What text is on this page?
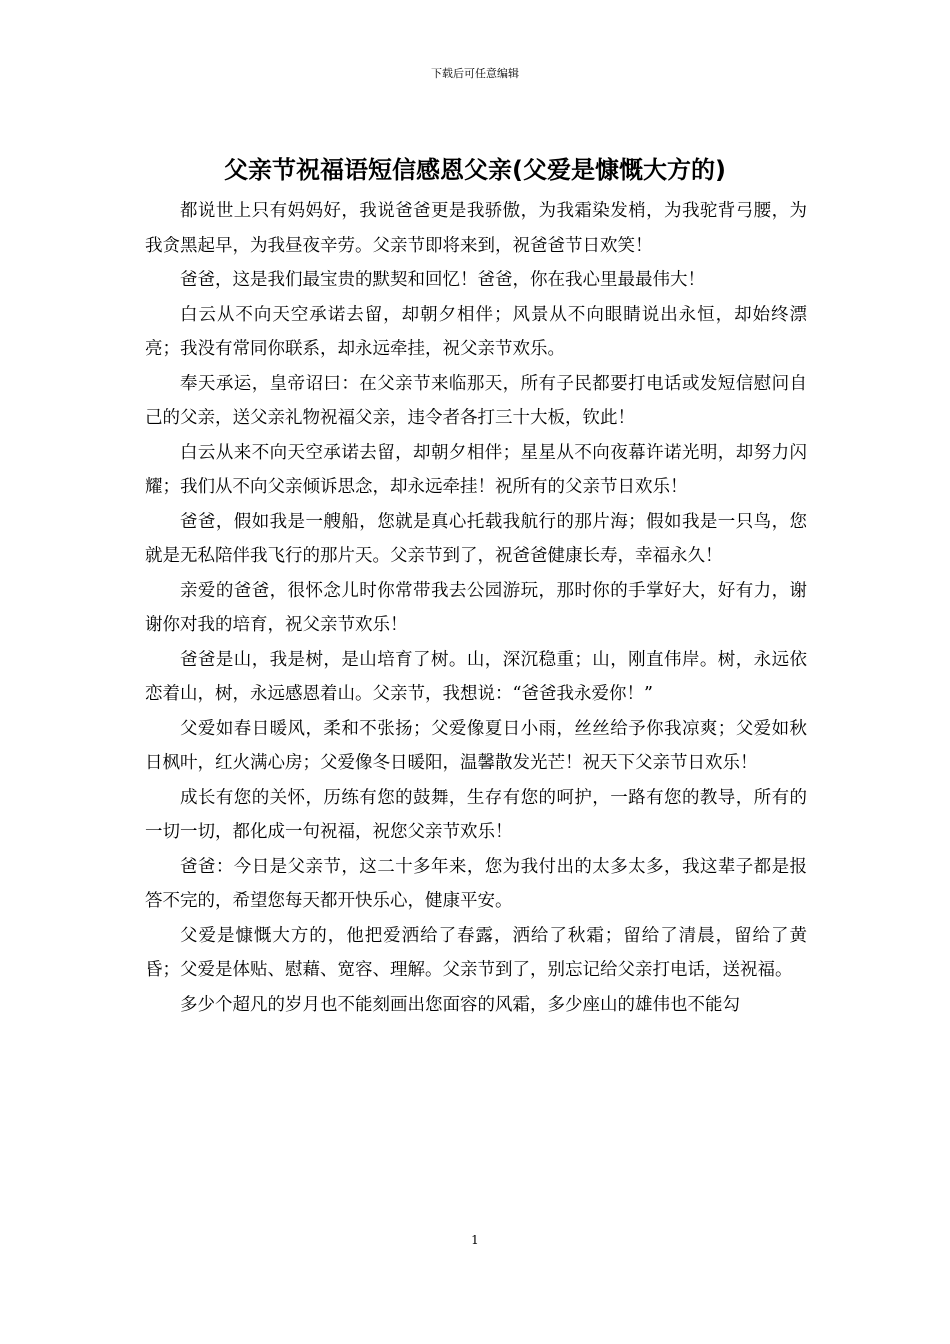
下载后可任意编辑
父亲节祝福语短信感恩父亲(父爱是慷慨大方的)

都说世上只有妈妈好，我说爸爸更是我骄傲，为我霜染发梢，为我驼背弓腰，为我贪黑起早，为我昼夜辛劳。父亲节即将来到，祝爸爸节日欢笑！

爸爸，这是我们最宝贵的默契和回忆！爸爸，你在我心里最最伟大！

白云从不向天空承诺去留，却朝夕相伴；风景从不向眼睛说出永恒，却始终漂亮；我没有常同你联系，却永远牵挂，祝父亲节欢乐。

奉天承运，皇帝诏曰：在父亲节来临那天，所有子民都要打电话或发短信慰问自己的父亲，送父亲礼物祝福父亲，违令者各打三十大板，钦此！

白云从来不向天空承诺去留，却朝夕相伴；星星从不向夜幕许诺光明，却努力闪耀；我们从不向父亲倾诉思念，却永远牵挂！祝所有的父亲节日欢乐！

爸爸，假如我是一艘船，您就是真心托载我航行的那片海；假如我是一只鸟，您就是无私陪伴我飞行的那片天。父亲节到了，祝爸爸健康长寿，幸福永久！

亲爱的爸爸，很怀念儿时你常带我去公园游玩，那时你的手掌好大，好有力，谢谢你对我的培育，祝父亲节欢乐！

爸爸是山，我是树，是山培育了树。山，深沉稳重；山，刚直伟岸。树，永远依恋着山，树，永远感恩着山。父亲节，我想说：“爸爸我永爱你！”

父爱如春日暖风，柔和不张扬；父爱像夏日小雨，丝丝给予你我凉爽；父爱如秋日枫叶，红火满心房；父爱像冬日暖阳，温馨散发光芒！祝天下父亲节日欢乐！

成长有您的关怀，历练有您的鼓舞，生存有您的呵护，一路有您的教导，所有的一切一切，都化成一句祝福，祝您父亲节欢乐！

爸爸：今日是父亲节，这二十多年来，您为我付出的太多太多，我这辈子都是报答不完的，希望您每天都开快乐心，健康平安。

父爱是慷慨大方的，他把爱洒给了春露，洒给了秋霜；留给了清晨，留给了黄昏；父爱是体贴、慰藉、宽容、理解。父亲节到了，别忘记给父亲打电话，送祝福。

多少个超凡的岁月也不能刻画出您面容的风霜，多少座山的雄伟也不能勾

1
